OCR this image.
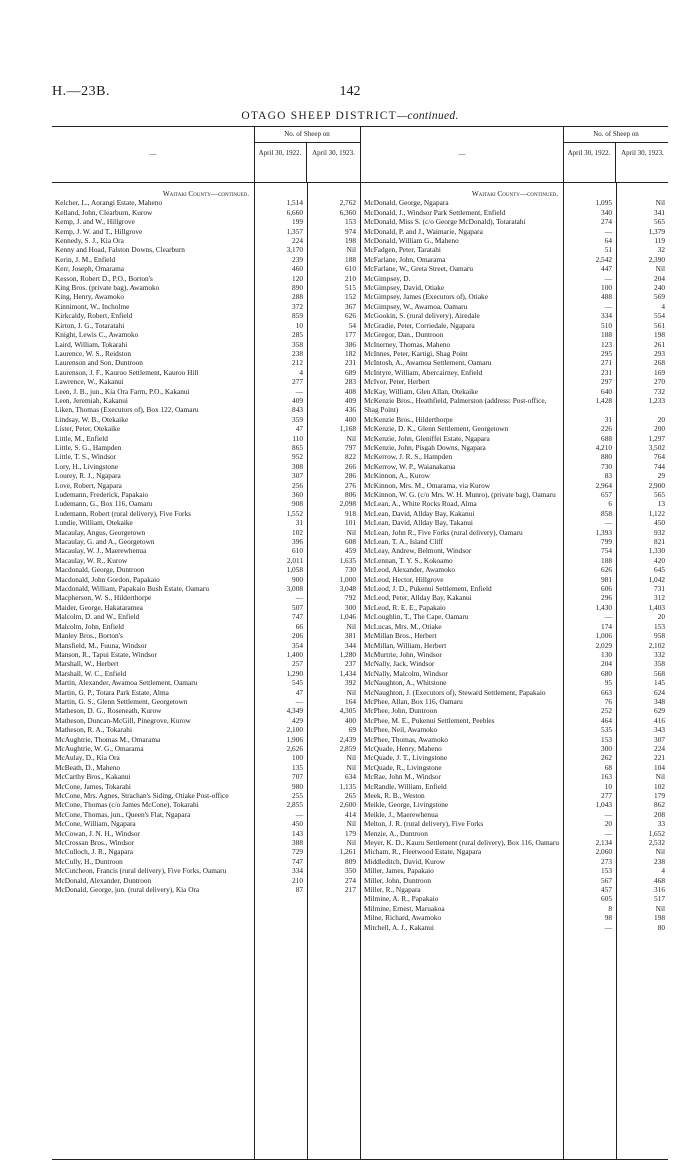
H.—23B.	142
OTAGO SHEEP DISTRICT—continued.
—
No. of Sheep on
April 30, 1922.	April 30, 1923.
Waitaki County—continued.
Kelcher, L., Aorangi Estate, Maheno	1,514	2,762
Kelland, John, Clearburn, Kurow	6,660	6,360
Kemp, J. and W., Hillgrove	199	153
Kemp, J. W. and T., Hillgrove	1,357	974
Kennedy, S. J., Kia Ora	224	198
Kenny and Hoad, Falston Downs, Clearburn	3,170	Nil
Kerin, J. M., Enfield	239	188
Kerr, Joseph, Omarama	460	610
Kesson, Robert D., P.O., Borton's	120	210
King Bros. (private bag), Awamoko	890	515
King, Henry, Awamoko	288	152
Kinnimont, W., Incholme	372	367
Kirkcaldy, Robert, Enfield	859	626
Kirton, J. G., Totaratahi	10	54
Knight, Lewis C., Awamoko	285	177
Laird, William, Tokarahi	358	386
Laurence, W. S., Reidston	238	182
Laurenson and Son, Duntroon	212	231
Laurenson, J. F., Kauroo Settlement, Kauroo Hill	4	689
Lawrence, W., Kakanui	277	283
Leen, J. B., jun., Kia Ora Farm, P.O., Kakanui	—	408
Leen, Jeremiah, Kakanui	409	409
Liken, Thomas (Executors of), Box 122, Oamaru	843	436
Lindsay, W. B., Otekaike	359	400
Lister, Peter, Otekaike	47	1,168
Little, M., Enfield	110	Nil
Little, S. G., Hampden	865	797
Little, T. S., Windsor	952	822
Lory, H., Livingstone	308	266
Lourey, R. J., Ngapara	307	286
Love, Robert, Ngapara	256	276
Ludemann, Frederick, Papakaio	360	806
Ludemann, G., Box 116, Oamaru	908	2,098
Ludemann, Robert (rural delivery), Five Forks	1,552	918
Lundie, William, Otekaike	31	101
Macaulay, Angus, Georgetown	102	Nil
Macaulay, G. and A., Georgetown	396	608
Macaulay, W. J., Maerewhenua	610	459
Macaulay, W. R., Kurow	2,011	1,635
Macdonald, George, Duntroon	1,058	730
Macdonald, John Gordon, Papakaio	900	1,000
Macdonald, William, Papakaio Bush Estate, Oamaru	3,008	3,048
Macpherson, W. S., Hilderthorpe	—	792
Maider, George, Hakataramea	507	300
Malcolm, D. and W., Enfield	747	1,046
Malcolm, John, Enfield	66	Nil
Manley Bros., Borton's	206	381
Mansfield, M., Fuuna, Windsor	354	344
Manson, R., Tapui Estate, Windsor	1,400	1,280
Marshall, W., Herbert	257	237
Marshall, W. C., Enfield	1,290	1,434
Martin, Alexander, Awamoa Settlement, Oamaru	545	392
Martin, G. P., Totara Park Estate, Alma	47	Nil
Martin, G. S., Glenn Settlement, Georgetown	—	164
Matheson, D. G., Roseneath, Kurow	4,349	4,305
Matheson, Duncan-McGill, Pinegrove, Kurow	429	400
Matheson, R. A., Tokarahi	2,100	69
McAughtrie, Thomas M., Omarama	1,906	2,439
McAughtrie, W. G., Omarama	2,626	2,859
McAulay, D., Kia Ora	100	Nil
McBeath, D., Maheno	135	Nil
McCarthy Bros., Kakanui	707	634
McCone, James, Tokarahi	980	1,135
McCone, Mrs. Agnes, Strachan's Siding, Otiake Post-office	255	265
McCone, Thomas (c/o James McCone), Tokarahi	2,855	2,600
McCone, Thomas, jun., Queen's Flat, Ngapara	—	414
McCone, William, Ngapara	450	Nil
McCowan, J. N. H., Windsor	143	179
McCrossan Bros., Windsor	388	Nil
McCulloch, J. R., Ngapara	729	1,261
McCully, H., Duntroon	747	809
McCutcheon, Francis (rural delivery), Five Forks, Oamaru	334	350
McDonald, Alexander, Duntroon	210	274
McDonald, George, jun. (rural delivery), Kia Ora	87	217
—
No. of Sheep on
April 30, 1922.	April 30, 1923.
Waitaki County—continued.
McDonald, George, Ngapara	1,095	Nil
McDonald, J., Windsor Park Settlement, Enfield	340	341
McDonald, Miss S. (c/o George McDonald), Totaratahi	274	565
McDonald, P. and J., Waimarie, Ngapara	—	1,379
McDonald, William G., Maheno	64	119
McFadgen, Peter, Taratahi	51	32
McFarlane, John, Omarama	2,542	2,390
McFarlane, W., Greta Street, Oamaru	447	Nil
McGimpsey, D.	—	204
McGimpsey, David, Otiake	100	240
McGimpsey, James (Executors of), Otiake	488	569
McGimpsey, W., Awamoa, Oamaru	—	4
McGookin, S. (rural delivery), Airedale	334	554
McGradie, Peter, Corriedale, Ngapara	510	561
McGregor, Dan., Duntroon	188	198
McInerney, Thomas, Maheno	123	261
McInnes, Peter, Kartigi, Shag Point	295	293
McIntosh, A., Awamoa Settlement, Oamaru	271	268
McIntyre, William, Abercairney, Enfield	231	169
McIvor, Peter, Herbert	297	270
McKay, William, Glen Allan, Otekaike	640	732
McKenzie Bros., Heathfield, Palmerston (address: Post-office, Shag Point)
1,428	1,233
McKenzie Bros., Hilderthorpe	31	20
McKenzie, D. K., Glenn Settlement, Georgetown	226	200
McKenzie, John, Gleniffei Estate, Ngapara	688	1,297
McKenzie, John, Pisgah Downs, Ngapara	4,210	3,502
McKerrow, J. R. S., Hampden	880	764
McKerrow, W. P., Waianakarua	730	744
McKinnon, A., Kurow	83	29
McKinnon, Mrs. M., Omarama, via Kurow	2,964	2,900
McKinnon, W. G. (c/o Mrs. W. H. Munro), (private bag), Oamaru	657	565
McLean, A., White Rocks Road, Alma	6	13
McLean, David, Allday Bay, Kakanui	858	1,122
McLean, David, Allday Bay, Takanui	—	450
McLean, John R., Five Forks (rural delivery), Oamaru	1,393	932
McLean, T. A., Island Cliff	799	821
McLeay, Andrew, Belmont, Windsor	754	1,330
McLennan, T. Y. S., Kokoamo	188	420
McLeod, Alexander, Awamoko	626	645
McLeod, Hector, Hillgrove	981	1,042
McLeod, J. D., Pukenui Settlement, Enfield	606	731
McLeod, Peter, Allday Bay, Kakanui	296	312
McLeod, R. E. E., Papakaio	1,430	1,403
McLoughlin, T., The Cape, Oamaru	—	20
McLucas, Mrs. M., Otiake	174	153
McMillan Bros., Herbert	1,006	958
McMillan, William, Herbert	2,029	2,102
McMurtrie, John, Windsor	130	332
McNally, Jack, Windsor	204	358
McNally, Malcolm, Windsor	680	568
McNaughton, A., Whitstone	95	145
McNaughton, J. (Executors of), Steward Settlement, Papakaio	663	624
McPhee, Allan, Box 116, Oamaru	76	348
McPhee, John, Duntroon	252	629
McPhee, M. E., Pukenui Settlement, Peebles	464	416
McPhee, Neil, Awamoko	535	343
McPhee, Thomas, Awamoko	153	307
McQuade, Henry, Maheno	300	224
McQuade, J. T., Livingstone	262	221
McQuade, R., Livingstone	68	104
McRae, John M., Windsor	163	Nil
McRandle, William, Enfield	10	102
Meek, R. B., Weston	277	179
Meikle, George, Livingstone	1,043	862
Meikle, J., Maerewhenua	—	208
Melton, J. R. (rural delivery), Five Forks	20	33
Menzie, A., Duntroon	—	1,652
Meyer, K. D., Kauru Settlement (rural delivery), Box 116, Oamaru	2,134	2,532
Micham, R., Fleetwood Estate, Ngapara	2,060	Nil
Middleditch, David, Kurow	273	238
Miller, James, Papakaio	153	4
Miller, John, Duntroon	567	468
Miller, R., Ngapara	457	316
Milmine, A. R., Papakaio	605	517
Milmine, Ernest, Maruakoa	8	Nil
Milne, Richard, Awamoko	98	198
Mitchell, A. J., Kakanui	—	80
